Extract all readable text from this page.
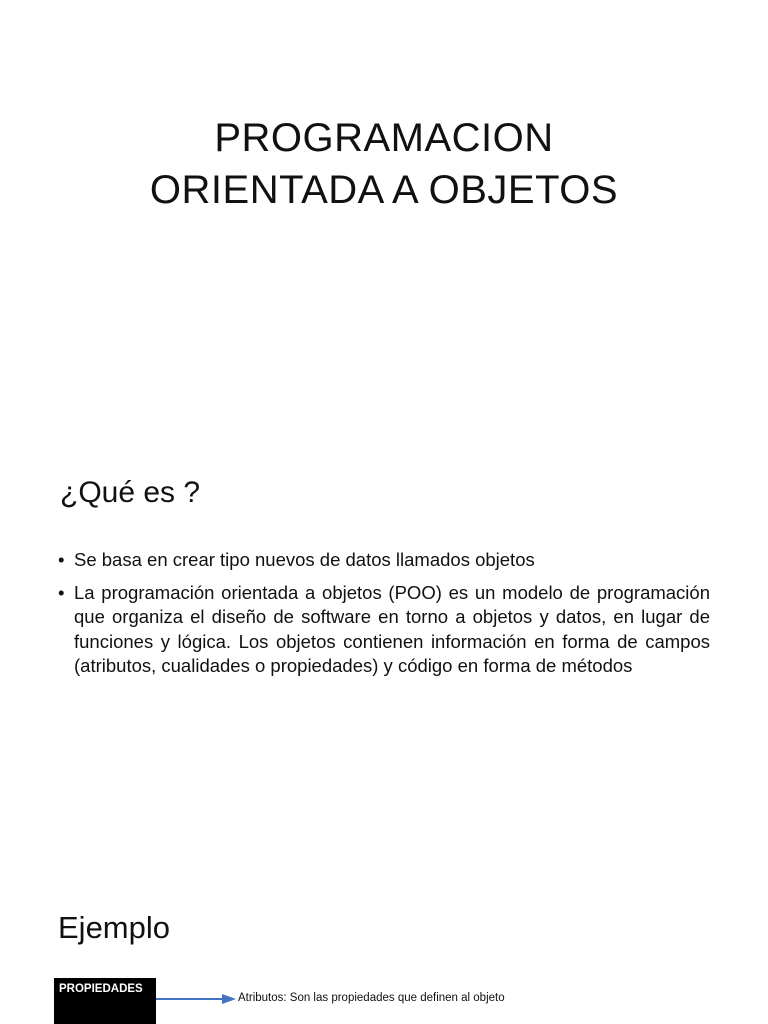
PROGRAMACION
ORIENTADA A OBJETOS
¿Qué es ?
• Se basa en crear tipo nuevos de datos llamados objetos
• La programación orientada a objetos (POO) es un modelo de programación que organiza el diseño de software en torno a objetos y datos, en lugar de funciones y lógica. Los objetos contienen información en forma de campos (atributos, cualidades o propiedades) y código en forma de métodos
Ejemplo
PROPIEDADES
Atributos: Son las propiedades que definen al objeto
